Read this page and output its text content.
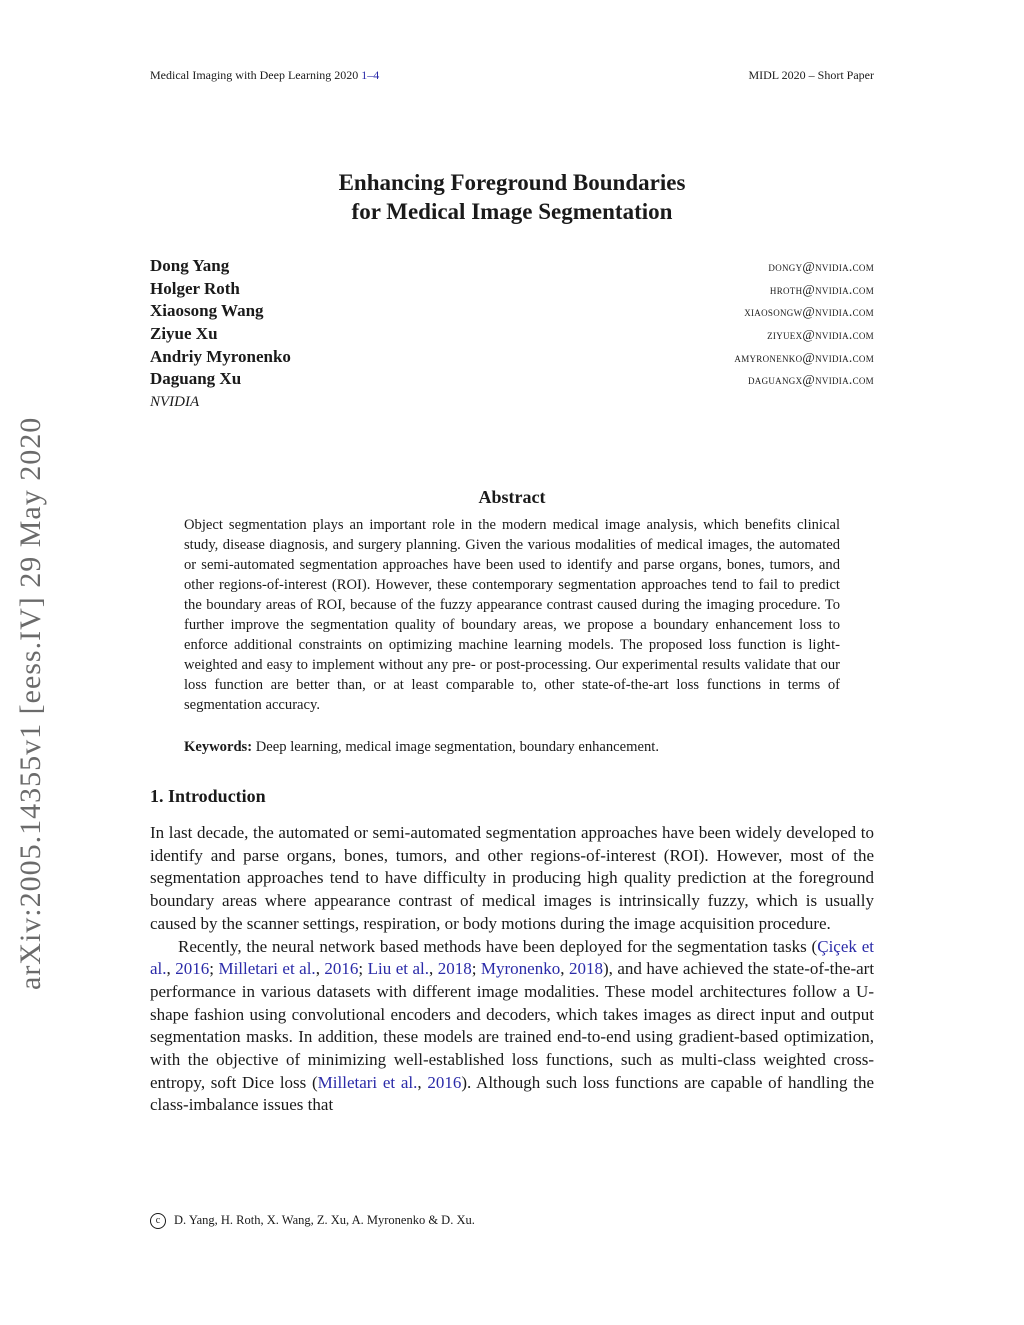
Medical Imaging with Deep Learning 2020 1–4	MIDL 2020 – Short Paper
arXiv:2005.14355v1 [eess.IV] 29 May 2020
Enhancing Foreground Boundaries
for Medical Image Segmentation
Dong Yang	dongy@nvidia.com
Holger Roth	hroth@nvidia.com
Xiaosong Wang	xiaosongw@nvidia.com
Ziyue Xu	ziyuex@nvidia.com
Andriy Myronenko	amyronenko@nvidia.com
Daguang Xu	daguangx@nvidia.com
NVIDIA
Abstract
Object segmentation plays an important role in the modern medical image analysis, which benefits clinical study, disease diagnosis, and surgery planning. Given the various modalities of medical images, the automated or semi-automated segmentation approaches have been used to identify and parse organs, bones, tumors, and other regions-of-interest (ROI). However, these contemporary segmentation approaches tend to fail to predict the boundary areas of ROI, because of the fuzzy appearance contrast caused during the imaging procedure. To further improve the segmentation quality of boundary areas, we propose a boundary enhancement loss to enforce additional constraints on optimizing machine learning models. The proposed loss function is light-weighted and easy to implement without any pre- or post-processing. Our experimental results validate that our loss function are better than, or at least comparable to, other state-of-the-art loss functions in terms of segmentation accuracy.
Keywords: Deep learning, medical image segmentation, boundary enhancement.
1. Introduction

In last decade, the automated or semi-automated segmentation approaches have been widely developed to identify and parse organs, bones, tumors, and other regions-of-interest (ROI). However, most of the segmentation approaches tend to have difficulty in producing high quality prediction at the foreground boundary areas where appearance contrast of medical images is intrinsically fuzzy, which is usually caused by the scanner settings, respiration, or body motions during the image acquisition procedure.

Recently, the neural network based methods have been deployed for the segmentation tasks (Çiçek et al., 2016; Milletari et al., 2016; Liu et al., 2018; Myronenko, 2018), and have achieved the state-of-the-art performance in various datasets with different image modalities. These model architectures follow a U-shape fashion using convolutional encoders and decoders, which takes images as direct input and output segmentation masks. In addition, these models are trained end-to-end using gradient-based optimization, with the objective of minimizing well-established loss functions, such as multi-class weighted cross-entropy, soft Dice loss (Milletari et al., 2016). Although such loss functions are capable of handling the class-imbalance issues that

c D. Yang, H. Roth, X. Wang, Z. Xu, A. Myronenko & D. Xu.
